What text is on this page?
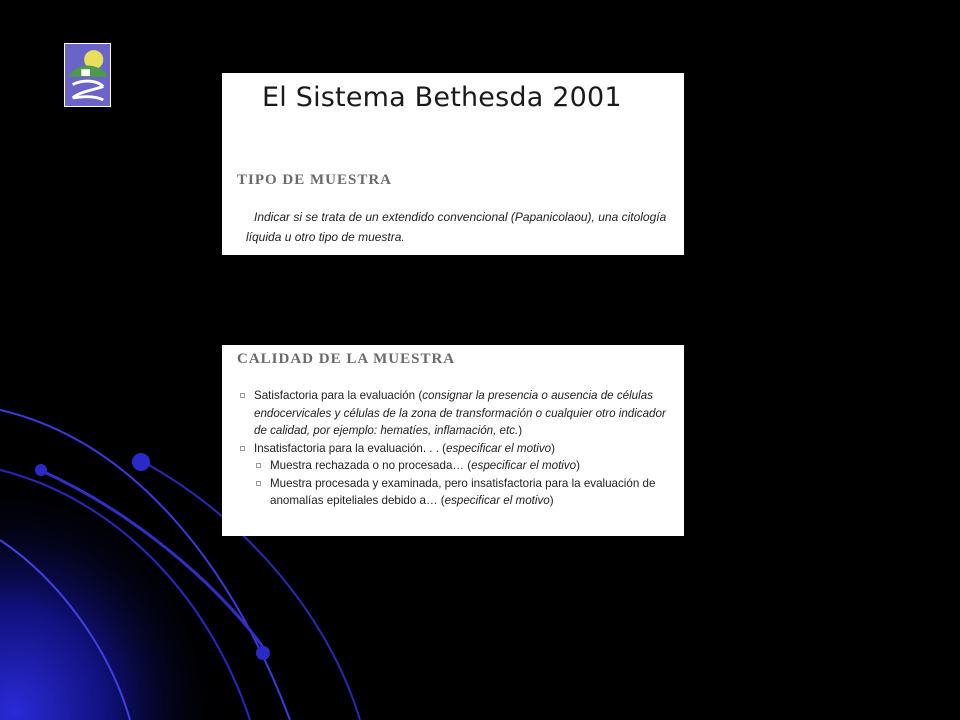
El Sistema Bethesda 2001
TIPO DE MUESTRA

Indicar si se trata de un extendido convencional (Papanicolaou), una citología líquida u otro tipo de muestra.

CALIDAD DE LA MUESTRA
Satisfactoria para la evaluación (consignar la presencia o ausencia de células endocervicales y células de la zona de transformación o cualquier otro indicador de calidad, por ejemplo: hematíes, inflamación, etc.)
Insatisfactoria para la evaluación. . . (especificar el motivo)
Muestra rechazada o no procesada… (especificar el motivo)
Muestra procesada y examinada, pero insatisfactoria para la evaluación de anomalías epiteliales debido a… (especificar el motivo)
